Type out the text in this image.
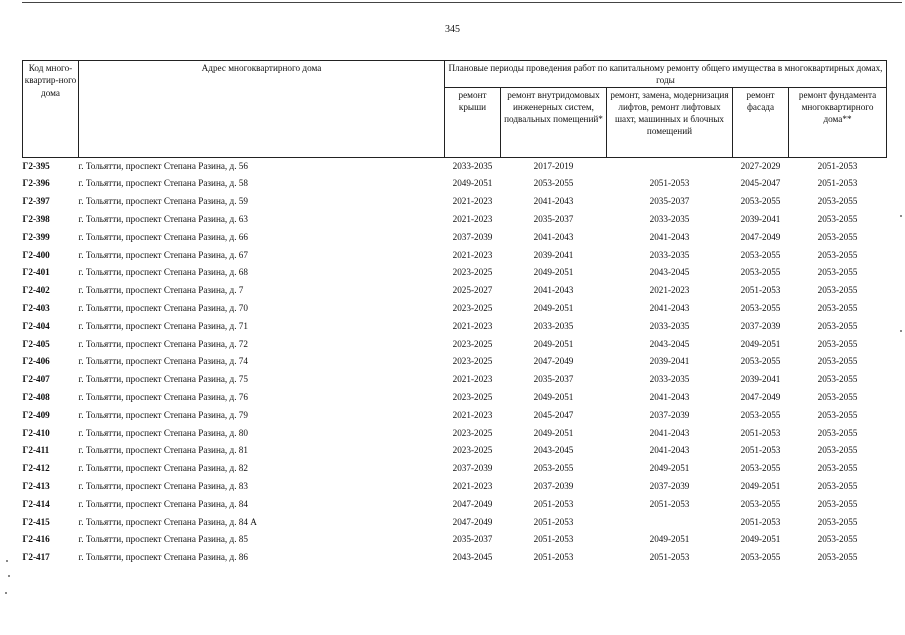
345
Код много-квартир-ного дома	Адрес многоквартирного дома	Плановые периоды проведения работ по капитальному ремонту общего имущества в многоквартирных домах, годы				
		ремонт крыши	ремонт внутридомовых инженерных систем, подвальных помещений*	ремонт, замена, модернизация лифтов, ремонт лифтовых шахт, машинных и блочных помещений	ремонт фасада	ремонт фундамента многоквартирного дома**
Г2-395	г. Тольятти, проспект Степана Разина, д. 56	2033-2035	2017-2019		2027-2029	2051-2053
Г2-396	г. Тольятти, проспект Степана Разина, д. 58	2049-2051	2053-2055	2051-2053	2045-2047	2051-2053
Г2-397	г. Тольятти, проспект Степана Разина, д. 59	2021-2023	2041-2043	2035-2037	2053-2055	2053-2055
Г2-398	г. Тольятти, проспект Степана Разина, д. 63	2021-2023	2035-2037	2033-2035	2039-2041	2053-2055
Г2-399	г. Тольятти, проспект Степана Разина, д. 66	2037-2039	2041-2043	2041-2043	2047-2049	2053-2055
Г2-400	г. Тольятти, проспект Степана Разина, д. 67	2021-2023	2039-2041	2033-2035	2053-2055	2053-2055
Г2-401	г. Тольятти, проспект Степана Разина, д. 68	2023-2025	2049-2051	2043-2045	2053-2055	2053-2055
Г2-402	г. Тольятти, проспект Степана Разина, д. 7	2025-2027	2041-2043	2021-2023	2051-2053	2053-2055
Г2-403	г. Тольятти, проспект Степана Разина, д. 70	2023-2025	2049-2051	2041-2043	2053-2055	2053-2055
Г2-404	г. Тольятти, проспект Степана Разина, д. 71	2021-2023	2033-2035	2033-2035	2037-2039	2053-2055
Г2-405	г. Тольятти, проспект Степана Разина, д. 72	2023-2025	2049-2051	2043-2045	2049-2051	2053-2055
Г2-406	г. Тольятти, проспект Степана Разина, д. 74	2023-2025	2047-2049	2039-2041	2053-2055	2053-2055
Г2-407	г. Тольятти, проспект Степана Разина, д. 75	2021-2023	2035-2037	2033-2035	2039-2041	2053-2055
Г2-408	г. Тольятти, проспект Степана Разина, д. 76	2023-2025	2049-2051	2041-2043	2047-2049	2053-2055
Г2-409	г. Тольятти, проспект Степана Разина, д. 79	2021-2023	2045-2047	2037-2039	2053-2055	2053-2055
Г2-410	г. Тольятти, проспект Степана Разина, д. 80	2023-2025	2049-2051	2041-2043	2051-2053	2053-2055
Г2-411	г. Тольятти, проспект Степана Разина, д. 81	2023-2025	2043-2045	2041-2043	2051-2053	2053-2055
Г2-412	г. Тольятти, проспект Степана Разина, д. 82	2037-2039	2053-2055	2049-2051	2053-2055	2053-2055
Г2-413	г. Тольятти, проспект Степана Разина, д. 83	2021-2023	2037-2039	2037-2039	2049-2051	2053-2055
Г2-414	г. Тольятти, проспект Степана Разина, д. 84	2047-2049	2051-2053	2051-2053	2053-2055	2053-2055
Г2-415	г. Тольятти, проспект Степана Разина, д. 84 А	2047-2049	2051-2053		2051-2053	2053-2055
Г2-416	г. Тольятти, проспект Степана Разина, д. 85	2035-2037	2051-2053	2049-2051	2049-2051	2053-2055
Г2-417	г. Тольятти, проспект Степана Разина, д. 86	2043-2045	2051-2053	2051-2053	2053-2055	2053-2055
